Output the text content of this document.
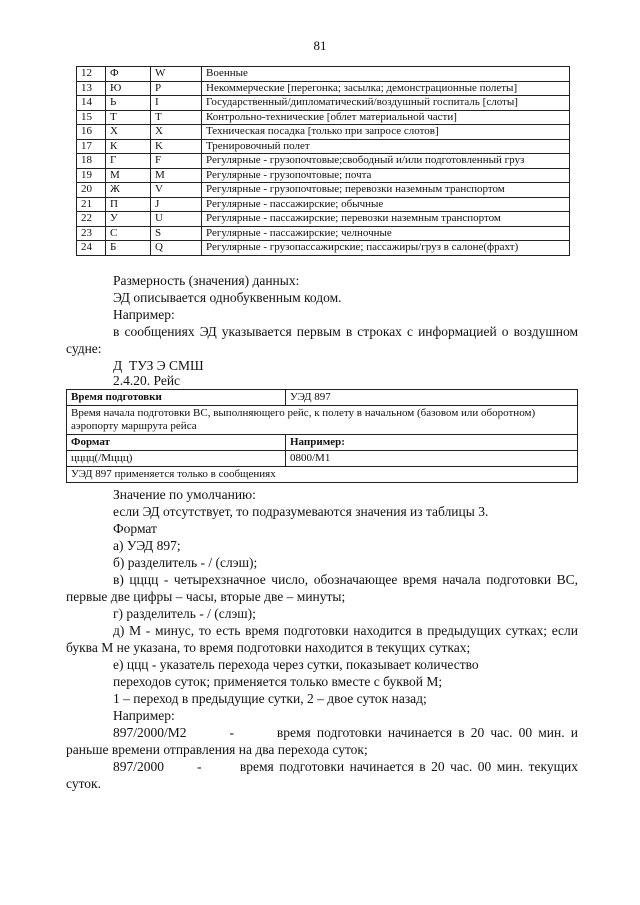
81
12	Ф	W	Военные
13	Ю	P	Некоммерческие [перегонка; засылка; демонстрационные полеты]
14	Ь	I	Государственный/дипломатический/воздушный госпиталь [слоты]
15	Т	T	Контрольно-технические [облет материальной части]
16	Х	X	Техническая посадка [только при запросе слотов]
17	К	K	Тренировочный полет
18	Г	F	Регулярные - грузопочтовые;свободный и/или подготовленный груз
19	М	M	Регулярные - грузопочтовые; почта
20	Ж	V	Регулярные - грузопочтовые; перевозки наземным транспортом
21	П	J	Регулярные - пассажирские; обычные
22	У	U	Регулярные - пассажирские; перевозки наземным транспортом
23	С	S	Регулярные - пассажирские; челночные
24	Б	Q	Регулярные - грузопассажирские; пассажиры/груз в салоне(фрахт)

Размерность (значения) данных:

ЭД описывается однобуквенным кодом.

Например:

в сообщениях ЭД указывается первым в строках с информацией о воздушном

судне:

Д  ТУЗ Э СМШ

2.4.20. Рейс

Время подготовки	УЭД 897
Время начала подготовки ВС, выполняющего рейс, к полету в начальном (базовом или оборотном) аэропорту маршрута рейса	
Формат	Например:
цццц(/Мццц)	0800/М1
УЭД 897 применяется только в сообщениях	

Значение по умолчанию:

если ЭД отсутствует, то подразумеваются значения из таблицы 3.

Формат

а) УЭД 897;

б) разделитель - / (слэш);

в) цццц - четырехзначное число, обозначающее время начала подготовки ВС,

первые две цифры – часы, вторые две – минуты;

г) разделитель - / (слэш);

д) М - минус, то есть время подготовки находится в предыдущих сутках; если

буква М не указана, то время подготовки находится в текущих сутках;

е) ццц - указатель перехода через сутки, показывает количество

переходов суток; применяется только вместе с буквой М;

1 – переход в предыдущие сутки, 2 – двое суток назад;

Например:

897/2000/М2       -       время подготовки начинается в 20 час. 00 мин. и

раньше времени отправления на два перехода суток;

897/2000      -       время подготовки начинается в 20 час. 00 мин. текущих

суток.
